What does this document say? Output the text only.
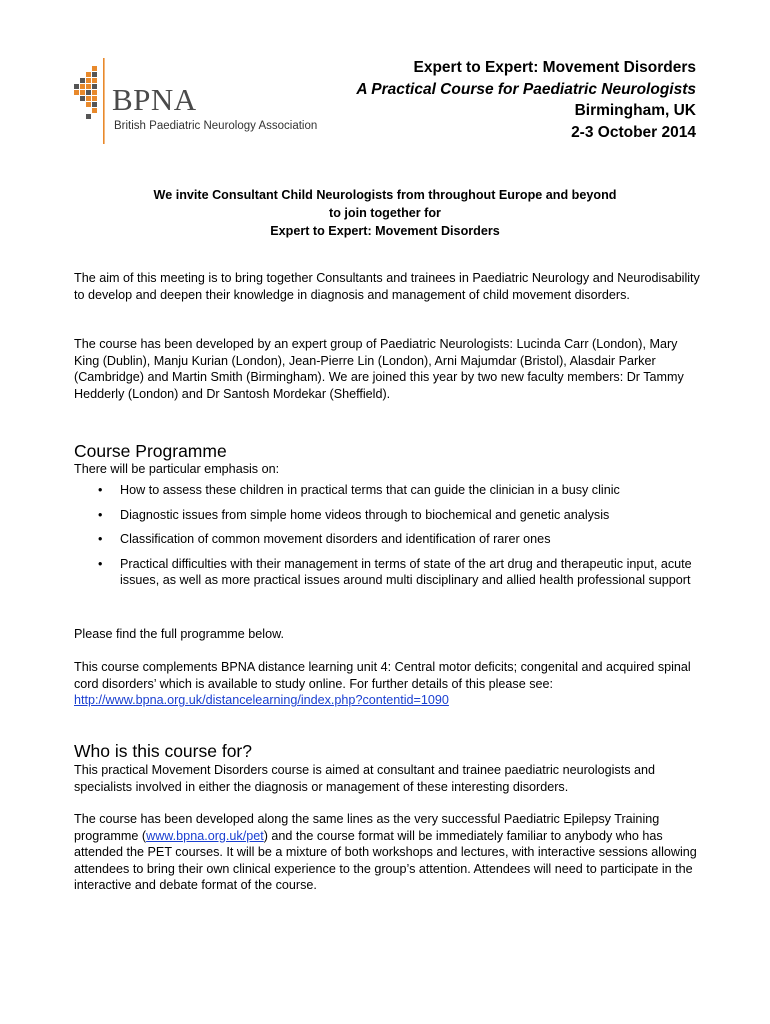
BPNA
British Paediatric Neurology Association
Expert to Expert: Movement Disorders
A Practical Course for Paediatric Neurologists
Birmingham, UK
2-3 October 2014
We invite Consultant Child Neurologists from throughout Europe and beyond
to join together for
Expert to Expert: Movement Disorders
The aim of this meeting is to bring together Consultants and trainees in Paediatric Neurology and Neurodisability to develop and deepen their knowledge in diagnosis and management of child movement disorders.
The course has been developed by an expert group of Paediatric Neurologists: Lucinda Carr (London), Mary King (Dublin), Manju Kurian (London), Jean-Pierre Lin (London), Arni Majumdar (Bristol), Alasdair Parker (Cambridge) and Martin Smith (Birmingham). We are joined this year by two new faculty members: Dr Tammy Hedderly (London) and Dr Santosh Mordekar (Sheffield).
Course Programme
There will be particular emphasis on:
• How to assess these children in practical terms that can guide the clinician in a busy clinic
• Diagnostic issues from simple home videos through to biochemical and genetic analysis
• Classification of common movement disorders and identification of rarer ones
• Practical difficulties with their management in terms of state of the art drug and therapeutic input, acute issues, as well as more practical issues around multi disciplinary and allied health professional support
Please find the full programme below.
This course complements BPNA distance learning unit 4: Central motor deficits; congenital and acquired spinal cord disorders’ which is available to study online. For further details of this please see:
http://www.bpna.org.uk/distancelearning/index.php?contentid=1090
Who is this course for?
This practical Movement Disorders course is aimed at consultant and trainee paediatric neurologists and specialists involved in either the diagnosis or management of these interesting disorders.
The course has been developed along the same lines as the very successful Paediatric Epilepsy Training programme (www.bpna.org.uk/pet) and the course format will be immediately familiar to anybody who has attended the PET courses. It will be a mixture of both workshops and lectures, with interactive sessions allowing attendees to bring their own clinical experience to the group’s attention. Attendees will need to participate in the interactive and debate format of the course.
